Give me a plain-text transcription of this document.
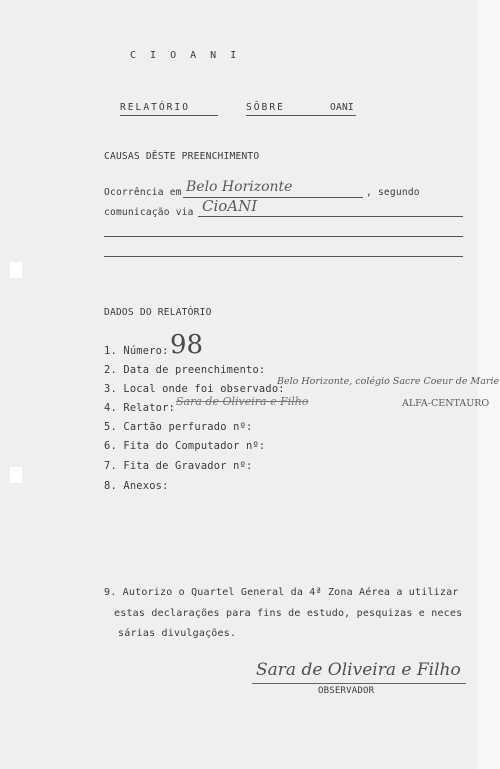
C I O A N I
RELATÓRIO	SÔBRE	OANI
CAUSAS DÊSTE PREENCHIMENTO
Ocorrência em Belo Horizonte	, segundo
comunicação via CioANI
DADOS DO RELATÓRIO
1. Número: 98
2. Data de preenchimento:
3. Local onde foi observado:
Belo Horizonte, colégio Sacre Coeur de Marie
4. Relator: Sara de Oliveira e Filho	ALFA-CENTAURO
5. Cartão perfurado nº:
6. Fita do Computador nº:
7. Fita de Gravador nº:
8. Anexos:
9. Autorizo o Quartel General da 4ª Zona Aérea a utilizar
estas declarações para fins de estudo, pesquizas e neces
sárias divulgações.
Sara de Oliveira e Filho
OBSERVADOR
